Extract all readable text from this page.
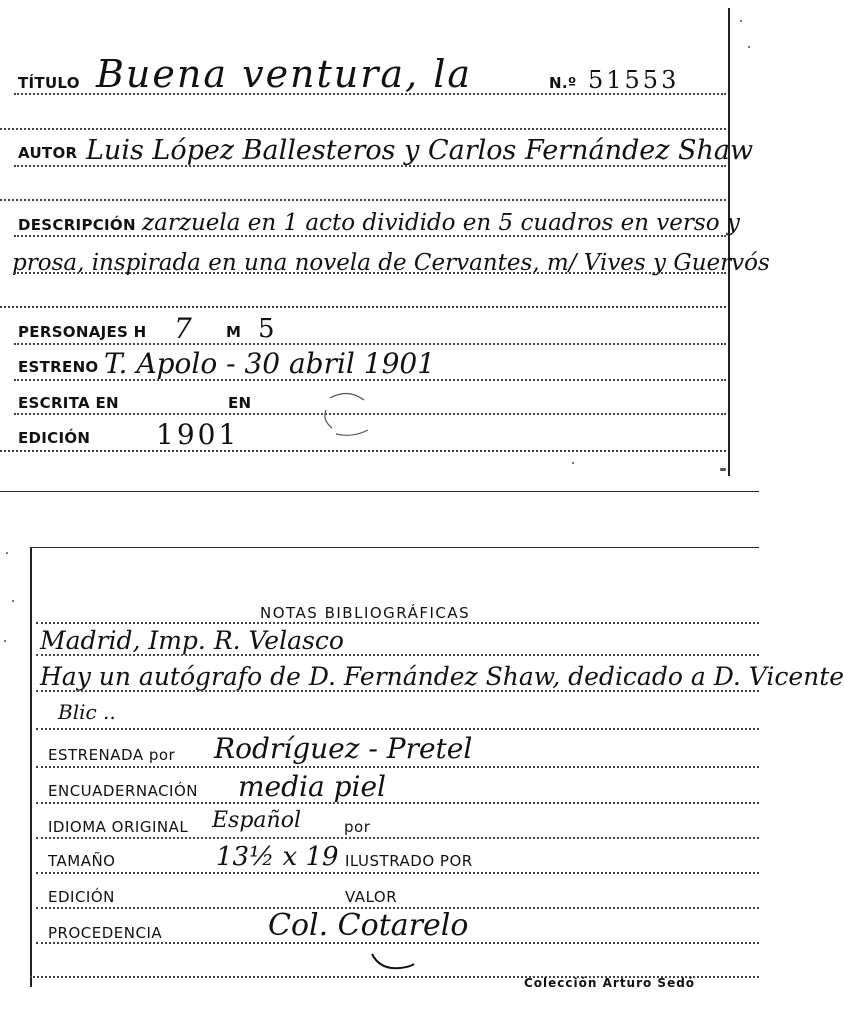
TÍTULO Buena ventura, la	N.º 51553
AUTOR Luis López Ballesteros y Carlos Fernández Shaw
DESCRIPCIÓN zarzuela en 1 acto dividido en 5 cuadros en verso y
prosa, inspirada en una novela de Cervantes, m/ Vives y Guervós
PERSONAJES H 7 M 5
ESTRENO T. Apolo - 30 abril 1901
ESCRITA EN	EN
EDICIÓN 1901
NOTAS BIBLIOGRÁFICAS
Madrid, Imp. R. Velasco
Hay un autógrafo de D. Fernández Shaw, dedicado a D. Vicente
Blic ..
ESTRENADA por Rodríguez - Pretel
ENCUADERNACIÓN media piel
IDIOMA ORIGINAL Español	por
TAMAÑO	13½ x 19 ILUSTRADO POR
EDICIÓN	VALOR
PROCEDENCIA	Col. Cotarelo
Colección Arturo Sedó
